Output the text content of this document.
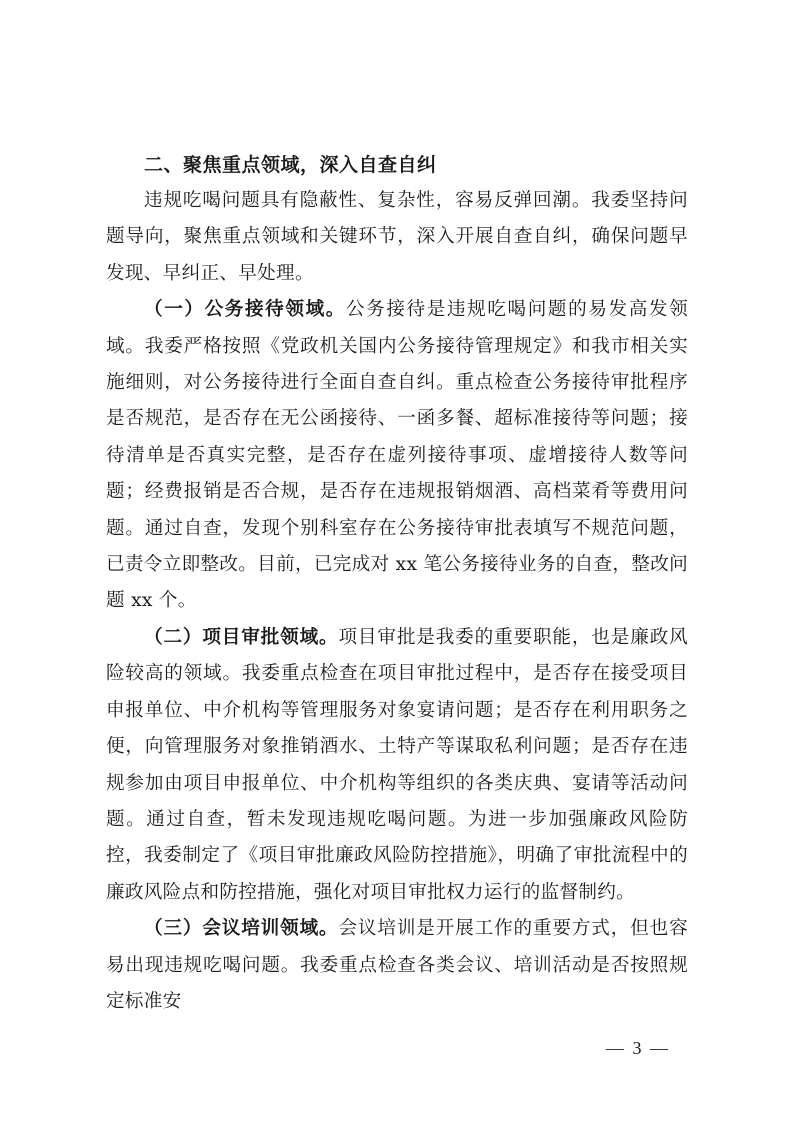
二、聚焦重点领域，深入自查自纠

违规吃喝问题具有隐蔽性、复杂性，容易反弹回潮。我委坚持问题导向，聚焦重点领域和关键环节，深入开展自查自纠，确保问题早发现、早纠正、早处理。

（一）公务接待领域。公务接待是违规吃喝问题的易发高发领域。我委严格按照《党政机关国内公务接待管理规定》和我市相关实施细则，对公务接待进行全面自查自纠。重点检查公务接待审批程序是否规范，是否存在无公函接待、一函多餐、超标准接待等问题；接待清单是否真实完整，是否存在虚列接待事项、虚增接待人数等问题；经费报销是否合规，是否存在违规报销烟酒、高档菜肴等费用问题。通过自查，发现个别科室存在公务接待审批表填写不规范问题，已责令立即整改。目前，已完成对 xx 笔公务接待业务的自查，整改问题 xx 个。

（二）项目审批领域。项目审批是我委的重要职能，也是廉政风险较高的领域。我委重点检查在项目审批过程中，是否存在接受项目申报单位、中介机构等管理服务对象宴请问题；是否存在利用职务之便，向管理服务对象推销酒水、土特产等谋取私利问题；是否存在违规参加由项目申报单位、中介机构等组织的各类庆典、宴请等活动问题。通过自查，暂未发现违规吃喝问题。为进一步加强廉政风险防控，我委制定了《项目审批廉政风险防控措施》，明确了审批流程中的廉政风险点和防控措施，强化对项目审批权力运行的监督制约。

（三）会议培训领域。会议培训是开展工作的重要方式，但也容易出现违规吃喝问题。我委重点检查各类会议、培训活动是否按照规定标准安

— 3 —
